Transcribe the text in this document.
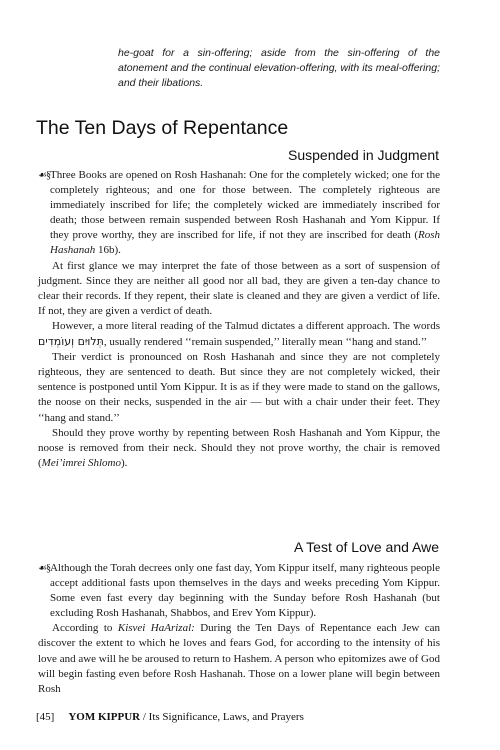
he-goat for a sin-offering; aside from the sin-offering of the atonement and the continual elevation-offering, with its meal-offering; and their libations.

The Ten Days of Repentance
Suspended in Judgment

☙§Three Books are opened on Rosh Hashanah: One for the completely wicked; one for the completely righteous; and one for those between. The completely righteous are immediately inscribed for life; the completely wicked are immediately inscribed for death; those between remain suspended between Rosh Hashanah and Yom Kippur. If they prove worthy, they are inscribed for life, if not they are inscribed for death (Rosh Hashanah 16b).

At first glance we may interpret the fate of those between as a sort of suspension of judgment. Since they are neither all good nor all bad, they are given a ten-day chance to clear their records. If they repent, their slate is cleaned and they are given a verdict of life. If not, they are given a verdict of death.

However, a more literal reading of the Talmud dictates a different approach. The words תְּלוּיִם וְעוֹמְדִים, usually rendered ‘‘remain suspended,’’ literally mean ‘‘hang and stand.’’

Their verdict is pronounced on Rosh Hashanah and since they are not completely righteous, they are sentenced to death. But since they are not completely wicked, their sentence is postponed until Yom Kippur. It is as if they were made to stand on the gallows, the noose on their necks, suspended in the air — but with a chair under their feet. They ‘‘hang and stand.’’

Should they prove worthy by repenting between Rosh Hashanah and Yom Kippur, the noose is removed from their neck. Should they not prove worthy, the chair is removed (Mei’imrei Shlomo).

A Test of Love and Awe

☙§Although the Torah decrees only one fast day, Yom Kippur itself, many righteous people accept additional fasts upon themselves in the days and weeks preceding Yom Kippur. Some even fast every day beginning with the Sunday before Rosh Hashanah (but excluding Rosh Hashanah, Shabbos, and Erev Yom Kippur).

According to Kisvei HaArizal: During the Ten Days of Repentance each Jew can discover the extent to which he loves and fears God, for according to the intensity of his love and awe will he be aroused to return to Hashem. A person who epitomizes awe of God will begin fasting even before Rosh Hashanah. Those on a lower plane will begin between Rosh

[45] YOM KIPPUR / Its Significance, Laws, and Prayers
